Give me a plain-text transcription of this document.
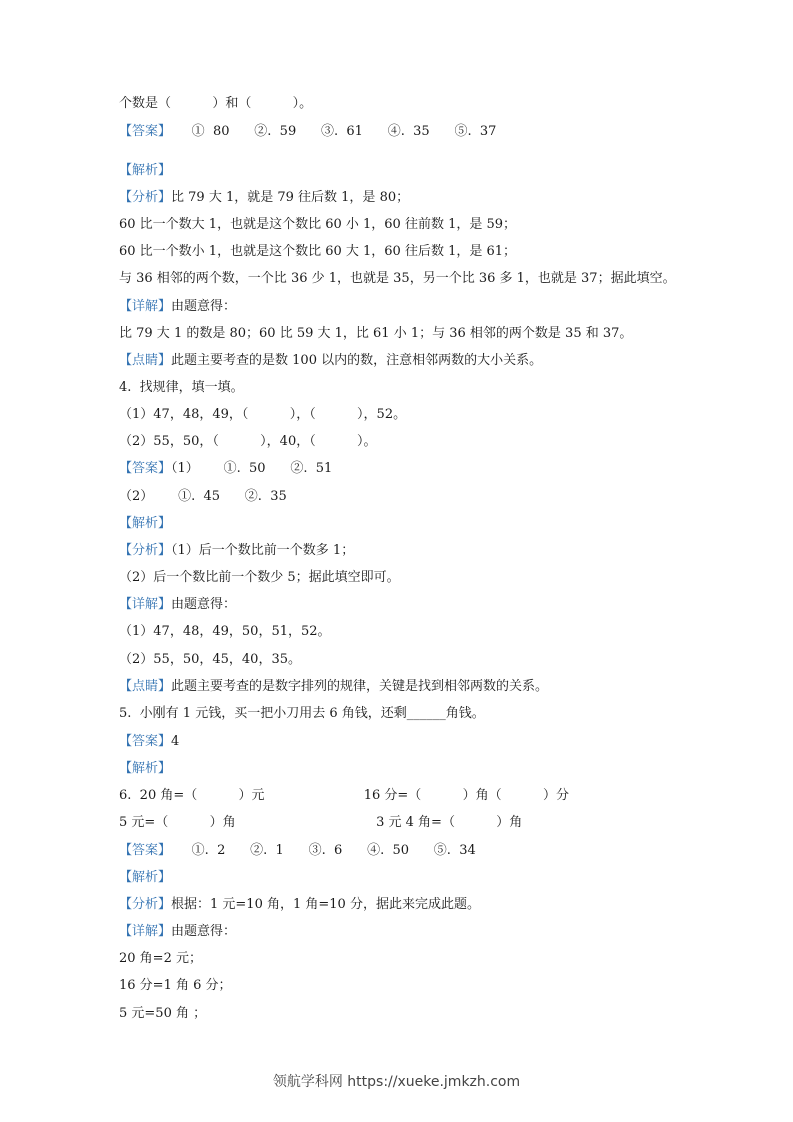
个数是（          ）和（          ）。

【答案】     ①  80      ②.  59      ③.  61      ④.  35      ⑤.  37

【解析】

【分析】比 79 大 1，就是 79 往后数 1，是 80；

60 比一个数大 1，也就是这个数比 60 小 1，60 往前数 1，是 59；

60 比一个数小 1，也就是这个数比 60 大 1，60 往后数 1，是 61；

与 36 相邻的两个数，一个比 36 少 1，也就是 35，另一个比 36 多 1，也就是 37；据此填空。

【详解】由题意得：

比 79 大 1 的数是 80；60 比 59 大 1，比 61 小 1；与 36 相邻的两个数是 35 和 37。

【点睛】此题主要考查的是数 100 以内的数，注意相邻两数的大小关系。

4.  找规律，填一填。

（1）47，48，49，（          ），（          ），52。

（2）55，50，（          ），40，（          ）。

【答案】（1）      ①.  50      ②.  51

（2）      ①.  45      ②.  35

【解析】

【分析】（1）后一个数比前一个数多 1；

（2）后一个数比前一个数少 5；据此填空即可。

【详解】由题意得：

（1）47，48，49，50，51，52。

（2）55，50，45，40，35。

【点睛】此题主要考查的是数字排列的规律，关键是找到相邻两数的关系。

5.  小刚有 1 元钱，买一把小刀用去 6 角钱，还剩______角钱。

【答案】4

【解析】

6.  20 角=（          ）元                        16 分=（          ）角（          ）分

5 元=（          ）角                                  3 元 4 角=（          ）角

【答案】     ①.  2      ②.  1      ③.  6      ④.  50      ⑤.  34

【解析】

【分析】根据：1 元=10 角，1 角=10 分，据此来完成此题。

【详解】由题意得：

20 角=2 元；

16 分=1 角 6 分；

5 元=50 角 ；

领航学科网 https://xueke.jmkzh.com
